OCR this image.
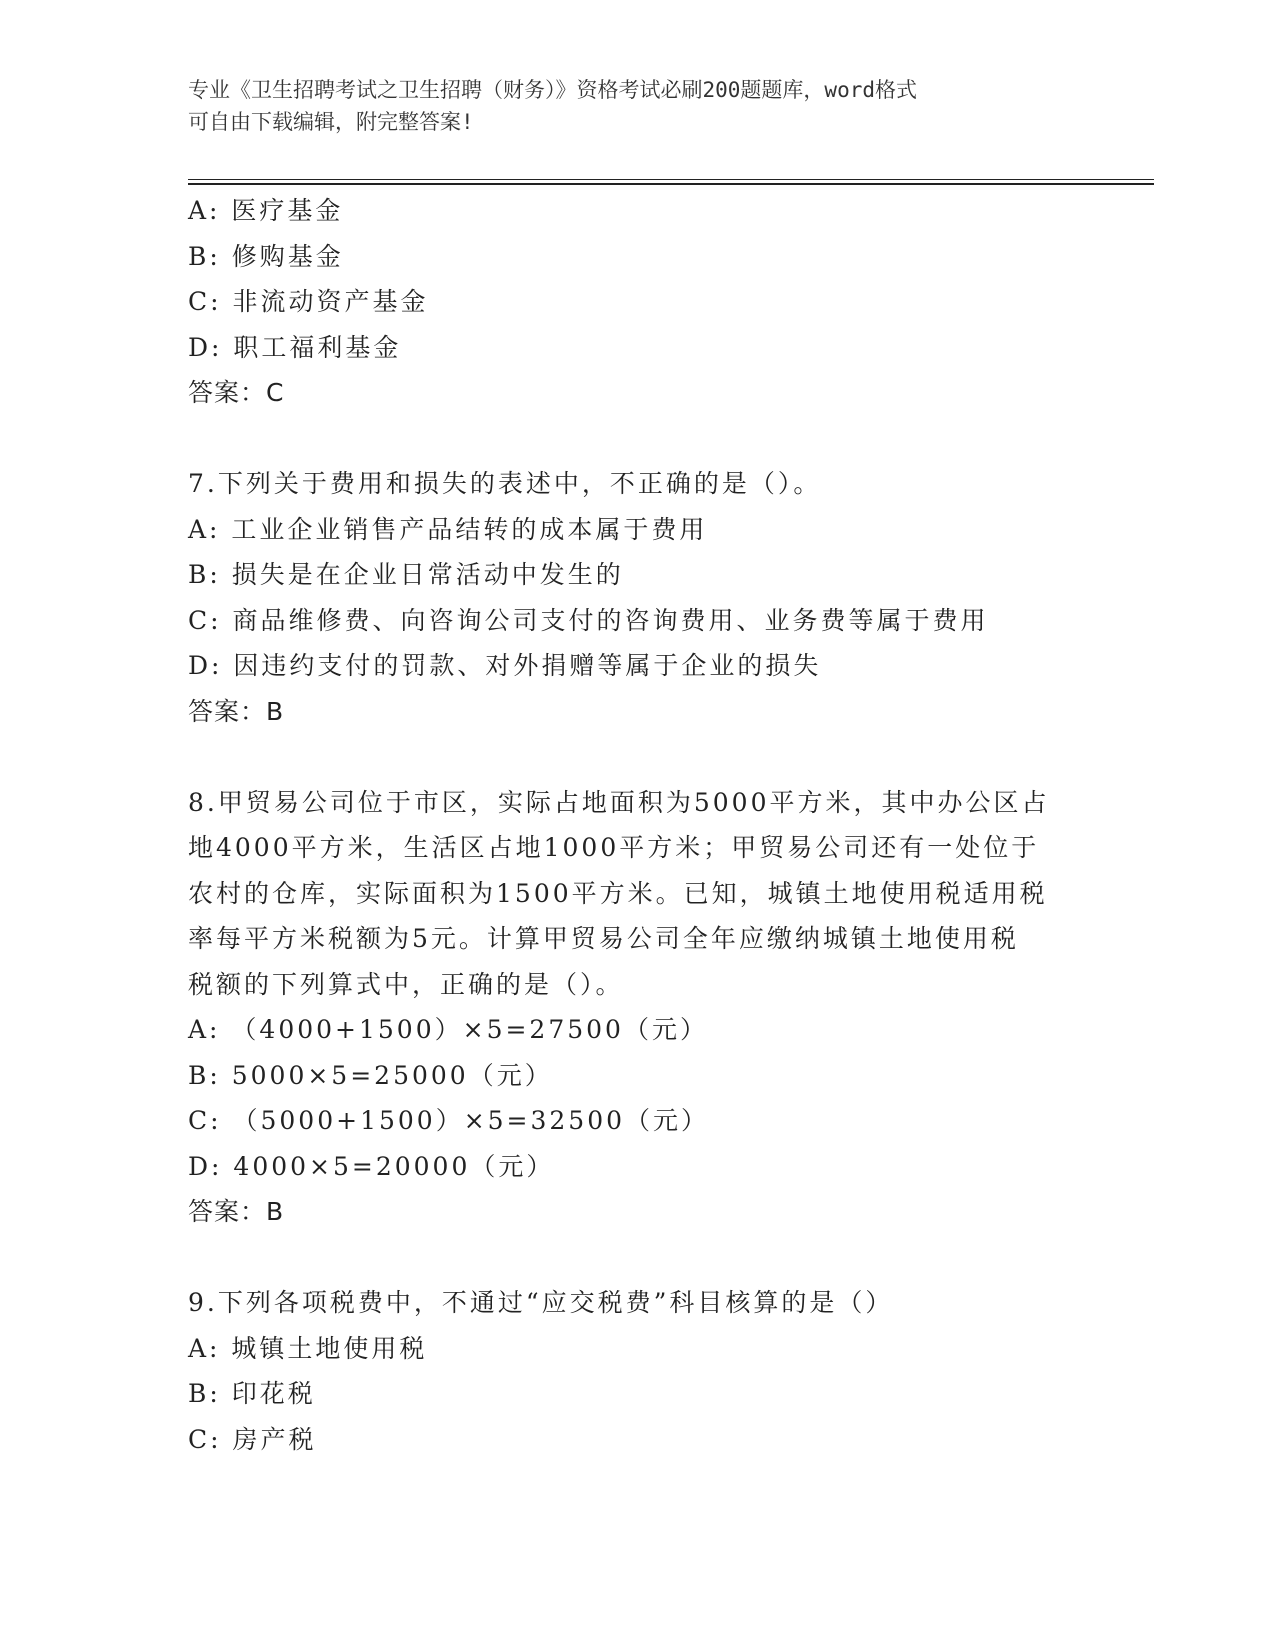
专业《卫生招聘考试之卫生招聘（财务）》资格考试必刷200题题库，word格式
可自由下载编辑，附完整答案!
A: 医疗基金
B: 修购基金
C: 非流动资产基金
D: 职工福利基金
答案：C
7.下列关于费用和损失的表述中，不正确的是（）。
A: 工业企业销售产品结转的成本属于费用
B: 损失是在企业日常活动中发生的
C: 商品维修费、向咨询公司支付的咨询费用、业务费等属于费用
D: 因违约支付的罚款、对外捐赠等属于企业的损失
答案：B
8.甲贸易公司位于市区，实际占地面积为5000平方米，其中办公区占
地4000平方米，生活区占地1000平方米；甲贸易公司还有一处位于
农村的仓库，实际面积为1500平方米。已知，城镇土地使用税适用税
率每平方米税额为5元。计算甲贸易公司全年应缴纳城镇土地使用税
税额的下列算式中，正确的是（）。
A: （4000+1500）×5=27500（元）
B: 5000×5=25000（元）
C: （5000+1500）×5=32500（元）
D: 4000×5=20000（元）
答案：B
9.下列各项税费中，不通过“应交税费”科目核算的是（）
A: 城镇土地使用税
B: 印花税
C: 房产税
